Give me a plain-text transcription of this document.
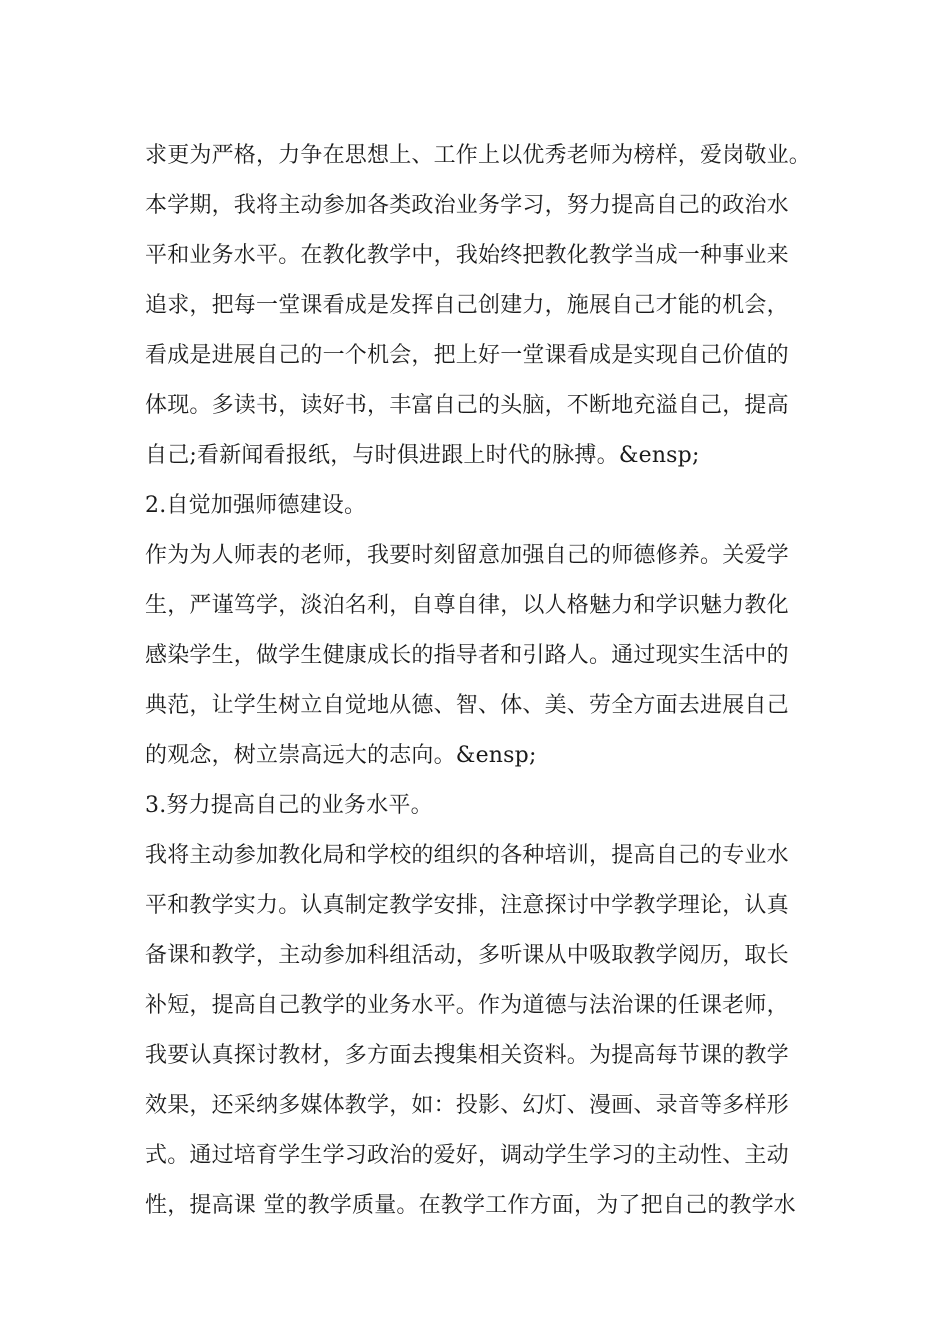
求更为严格，力争在思想上、工作上以优秀老师为榜样，爱岗敬业。
本学期，我将主动参加各类政治业务学习，努力提高自己的政治水
平和业务水平。在教化教学中，我始终把教化教学当成一种事业来
追求，把每一堂课看成是发挥自己创建力，施展自己才能的机会，
看成是进展自己的一个机会，把上好一堂课看成是实现自己价值的
体现。多读书，读好书，丰富自己的头脑，不断地充溢自己，提高
自己;看新闻看报纸，与时俱进跟上时代的脉搏。&ensp;
2.自觉加强师德建设。
作为为人师表的老师，我要时刻留意加强自己的师德修养。关爱学
生，严谨笃学，淡泊名利，自尊自律，以人格魅力和学识魅力教化
感染学生，做学生健康成长的指导者和引路人。通过现实生活中的
典范，让学生树立自觉地从德、智、体、美、劳全方面去进展自己
的观念，树立崇高远大的志向。&ensp;
3.努力提高自己的业务水平。
我将主动参加教化局和学校的组织的各种培训，提高自己的专业水
平和教学实力。认真制定教学安排，注意探讨中学教学理论，认真
备课和教学，主动参加科组活动，多听课从中吸取教学阅历，取长
补短，提高自己教学的业务水平。作为道德与法治课的任课老师，
我要认真探讨教材，多方面去搜集相关资料。为提高每节课的教学
效果，还采纳多媒体教学，如：投影、幻灯、漫画、录音等多样形
式。通过培育学生学习政治的爱好，调动学生学习的主动性、主动
性，提高课 堂的教学质量。在教学工作方面，为了把自己的教学水
